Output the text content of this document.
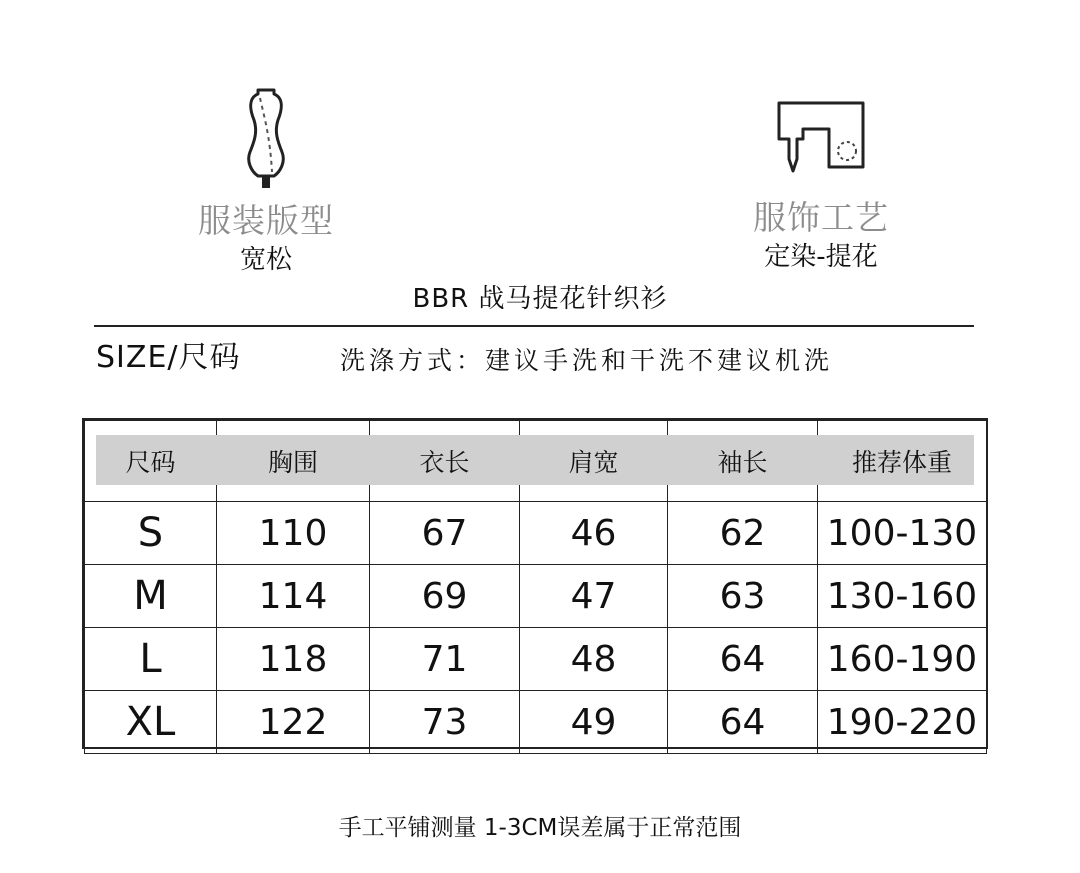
服装版型
宽松
服饰工艺
定染-提花
BBR 战马提花针织衫
SIZE/尺码	洗涤方式：建议手洗和干洗不建议机洗
尺码	胸围	衣长	肩宽	袖长	推荐体重
S	110	67	46	62	100-130
M	114	69	47	63	130-160
L	118	71	48	64	160-190
XL	122	73	49	64	190-220
手工平铺测量 1-3CM误差属于正常范围
